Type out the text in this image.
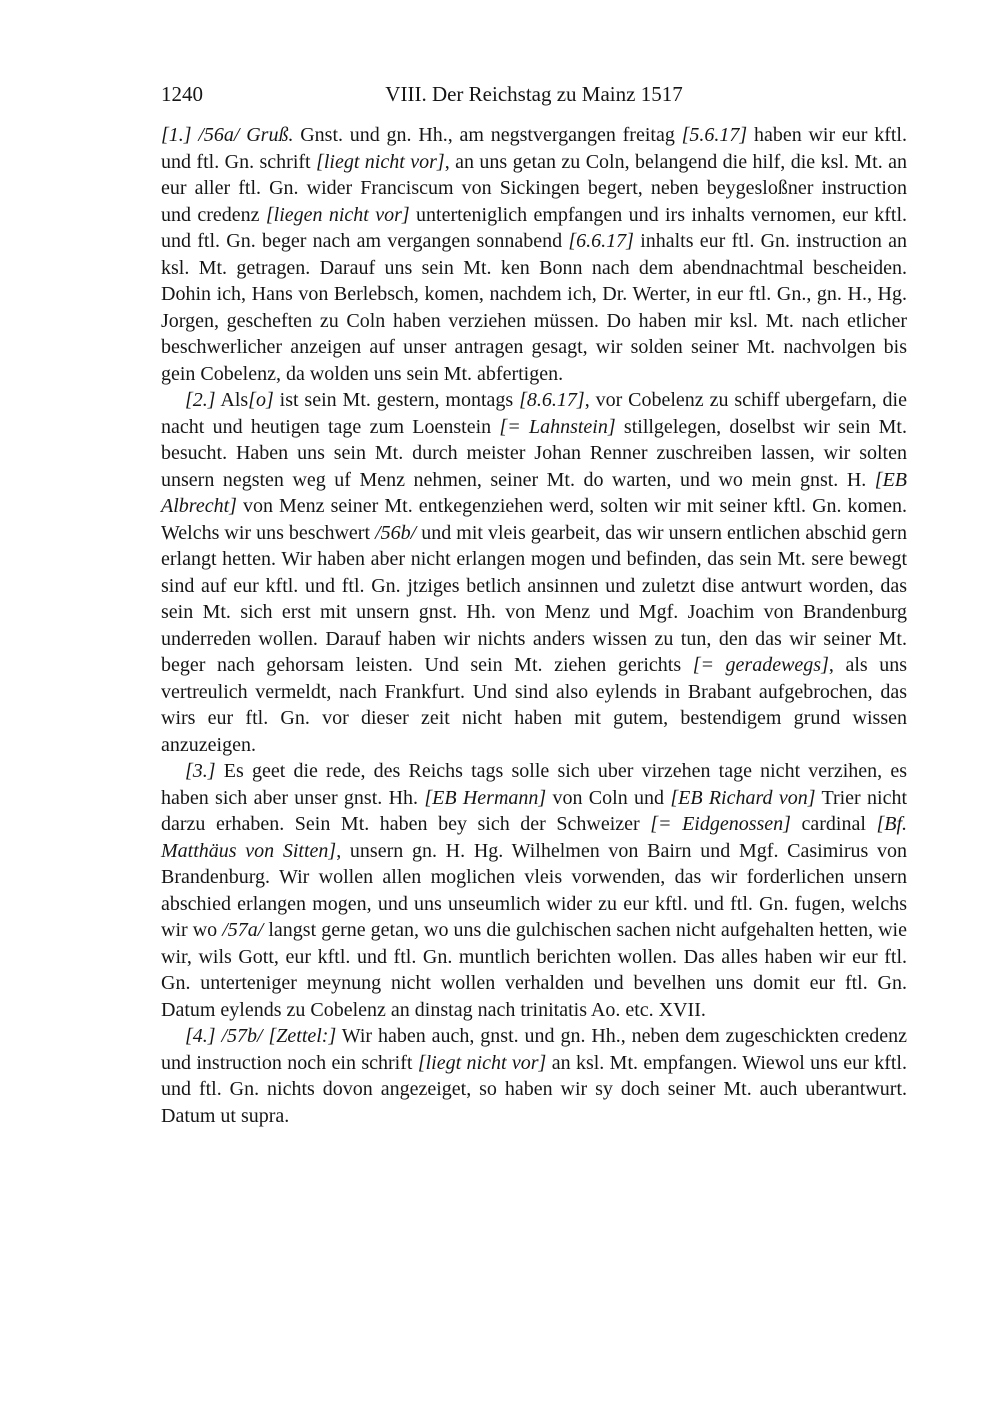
1240	VIII. Der Reichstag zu Mainz 1517

[1.] /56a/ Gruß. Gnst. und gn. Hh., am negstvergangen freitag [5.6.17] haben wir eur kftl. und ftl. Gn. schrift [liegt nicht vor], an uns getan zu Coln, belangend die hilf, die ksl. Mt. an eur aller ftl. Gn. wider Franciscum von Sickingen begert, neben beygesloßner instruction und credenz [liegen nicht vor] unterteniglich empfangen und irs inhalts vernomen, eur kftl. und ftl. Gn. beger nach am vergangen sonnabend [6.6.17] inhalts eur ftl. Gn. instruction an ksl. Mt. getragen. Darauf uns sein Mt. ken Bonn nach dem abendnachtmal bescheiden. Dohin ich, Hans von Berlebsch, komen, nachdem ich, Dr. Werter, in eur ftl. Gn., gn. H., Hg. Jorgen, gescheften zu Coln haben verziehen müssen. Do haben mir ksl. Mt. nach etlicher beschwerlicher anzeigen auf unser antragen gesagt, wir solden seiner Mt. nachvolgen bis gein Cobelenz, da wolden uns sein Mt. abfertigen.

[2.] Als[o] ist sein Mt. gestern, montags [8.6.17], vor Cobelenz zu schiff ubergefarn, die nacht und heutigen tage zum Loenstein [= Lahnstein] stillgelegen, doselbst wir sein Mt. besucht. Haben uns sein Mt. durch meister Johan Renner zuschreiben lassen, wir solten unsern negsten weg uf Menz nehmen, seiner Mt. do warten, und wo mein gnst. H. [EB Albrecht] von Menz seiner Mt. entkegenziehen werd, solten wir mit seiner kftl. Gn. komen. Welchs wir uns beschwert /56b/ und mit vleis gearbeit, das wir unsern entlichen abschid gern erlangt hetten. Wir haben aber nicht erlangen mogen und befinden, das sein Mt. sere bewegt sind auf eur kftl. und ftl. Gn. jtziges betlich ansinnen und zuletzt dise antwurt worden, das sein Mt. sich erst mit unsern gnst. Hh. von Menz und Mgf. Joachim von Brandenburg underreden wollen. Darauf haben wir nichts anders wissen zu tun, den das wir seiner Mt. beger nach gehorsam leisten. Und sein Mt. ziehen gerichts [= geradewegs], als uns vertreulich vermeldt, nach Frankfurt. Und sind also eylends in Brabant aufgebrochen, das wirs eur ftl. Gn. vor dieser zeit nicht haben mit gutem, bestendigem grund wissen anzuzeigen.

[3.] Es geet die rede, des Reichs tags solle sich uber virzehen tage nicht verzihen, es haben sich aber unser gnst. Hh. [EB Hermann] von Coln und [EB Richard von] Trier nicht darzu erhaben. Sein Mt. haben bey sich der Schweizer [= Eidgenossen] cardinal [Bf. Matthäus von Sitten], unsern gn. H. Hg. Wilhelmen von Bairn und Mgf. Casimirus von Brandenburg. Wir wollen allen moglichen vleis vorwenden, das wir forderlichen unsern abschied erlangen mogen, und uns unseumlich wider zu eur kftl. und ftl. Gn. fugen, welchs wir wo /57a/ langst gerne getan, wo uns die gulchischen sachen nicht aufgehalten hetten, wie wir, wils Gott, eur kftl. und ftl. Gn. muntlich berichten wollen. Das alles haben wir eur ftl. Gn. unterteniger meynung nicht wollen verhalden und bevelhen uns domit eur ftl. Gn. Datum eylends zu Cobelenz an dinstag nach trinitatis Ao. etc. XVII.

[4.] /57b/ [Zettel:] Wir haben auch, gnst. und gn. Hh., neben dem zugeschickten credenz und instruction noch ein schrift [liegt nicht vor] an ksl. Mt. empfangen. Wiewol uns eur kftl. und ftl. Gn. nichts dovon angezeiget, so haben wir sy doch seiner Mt. auch uberantwurt. Datum ut supra.
